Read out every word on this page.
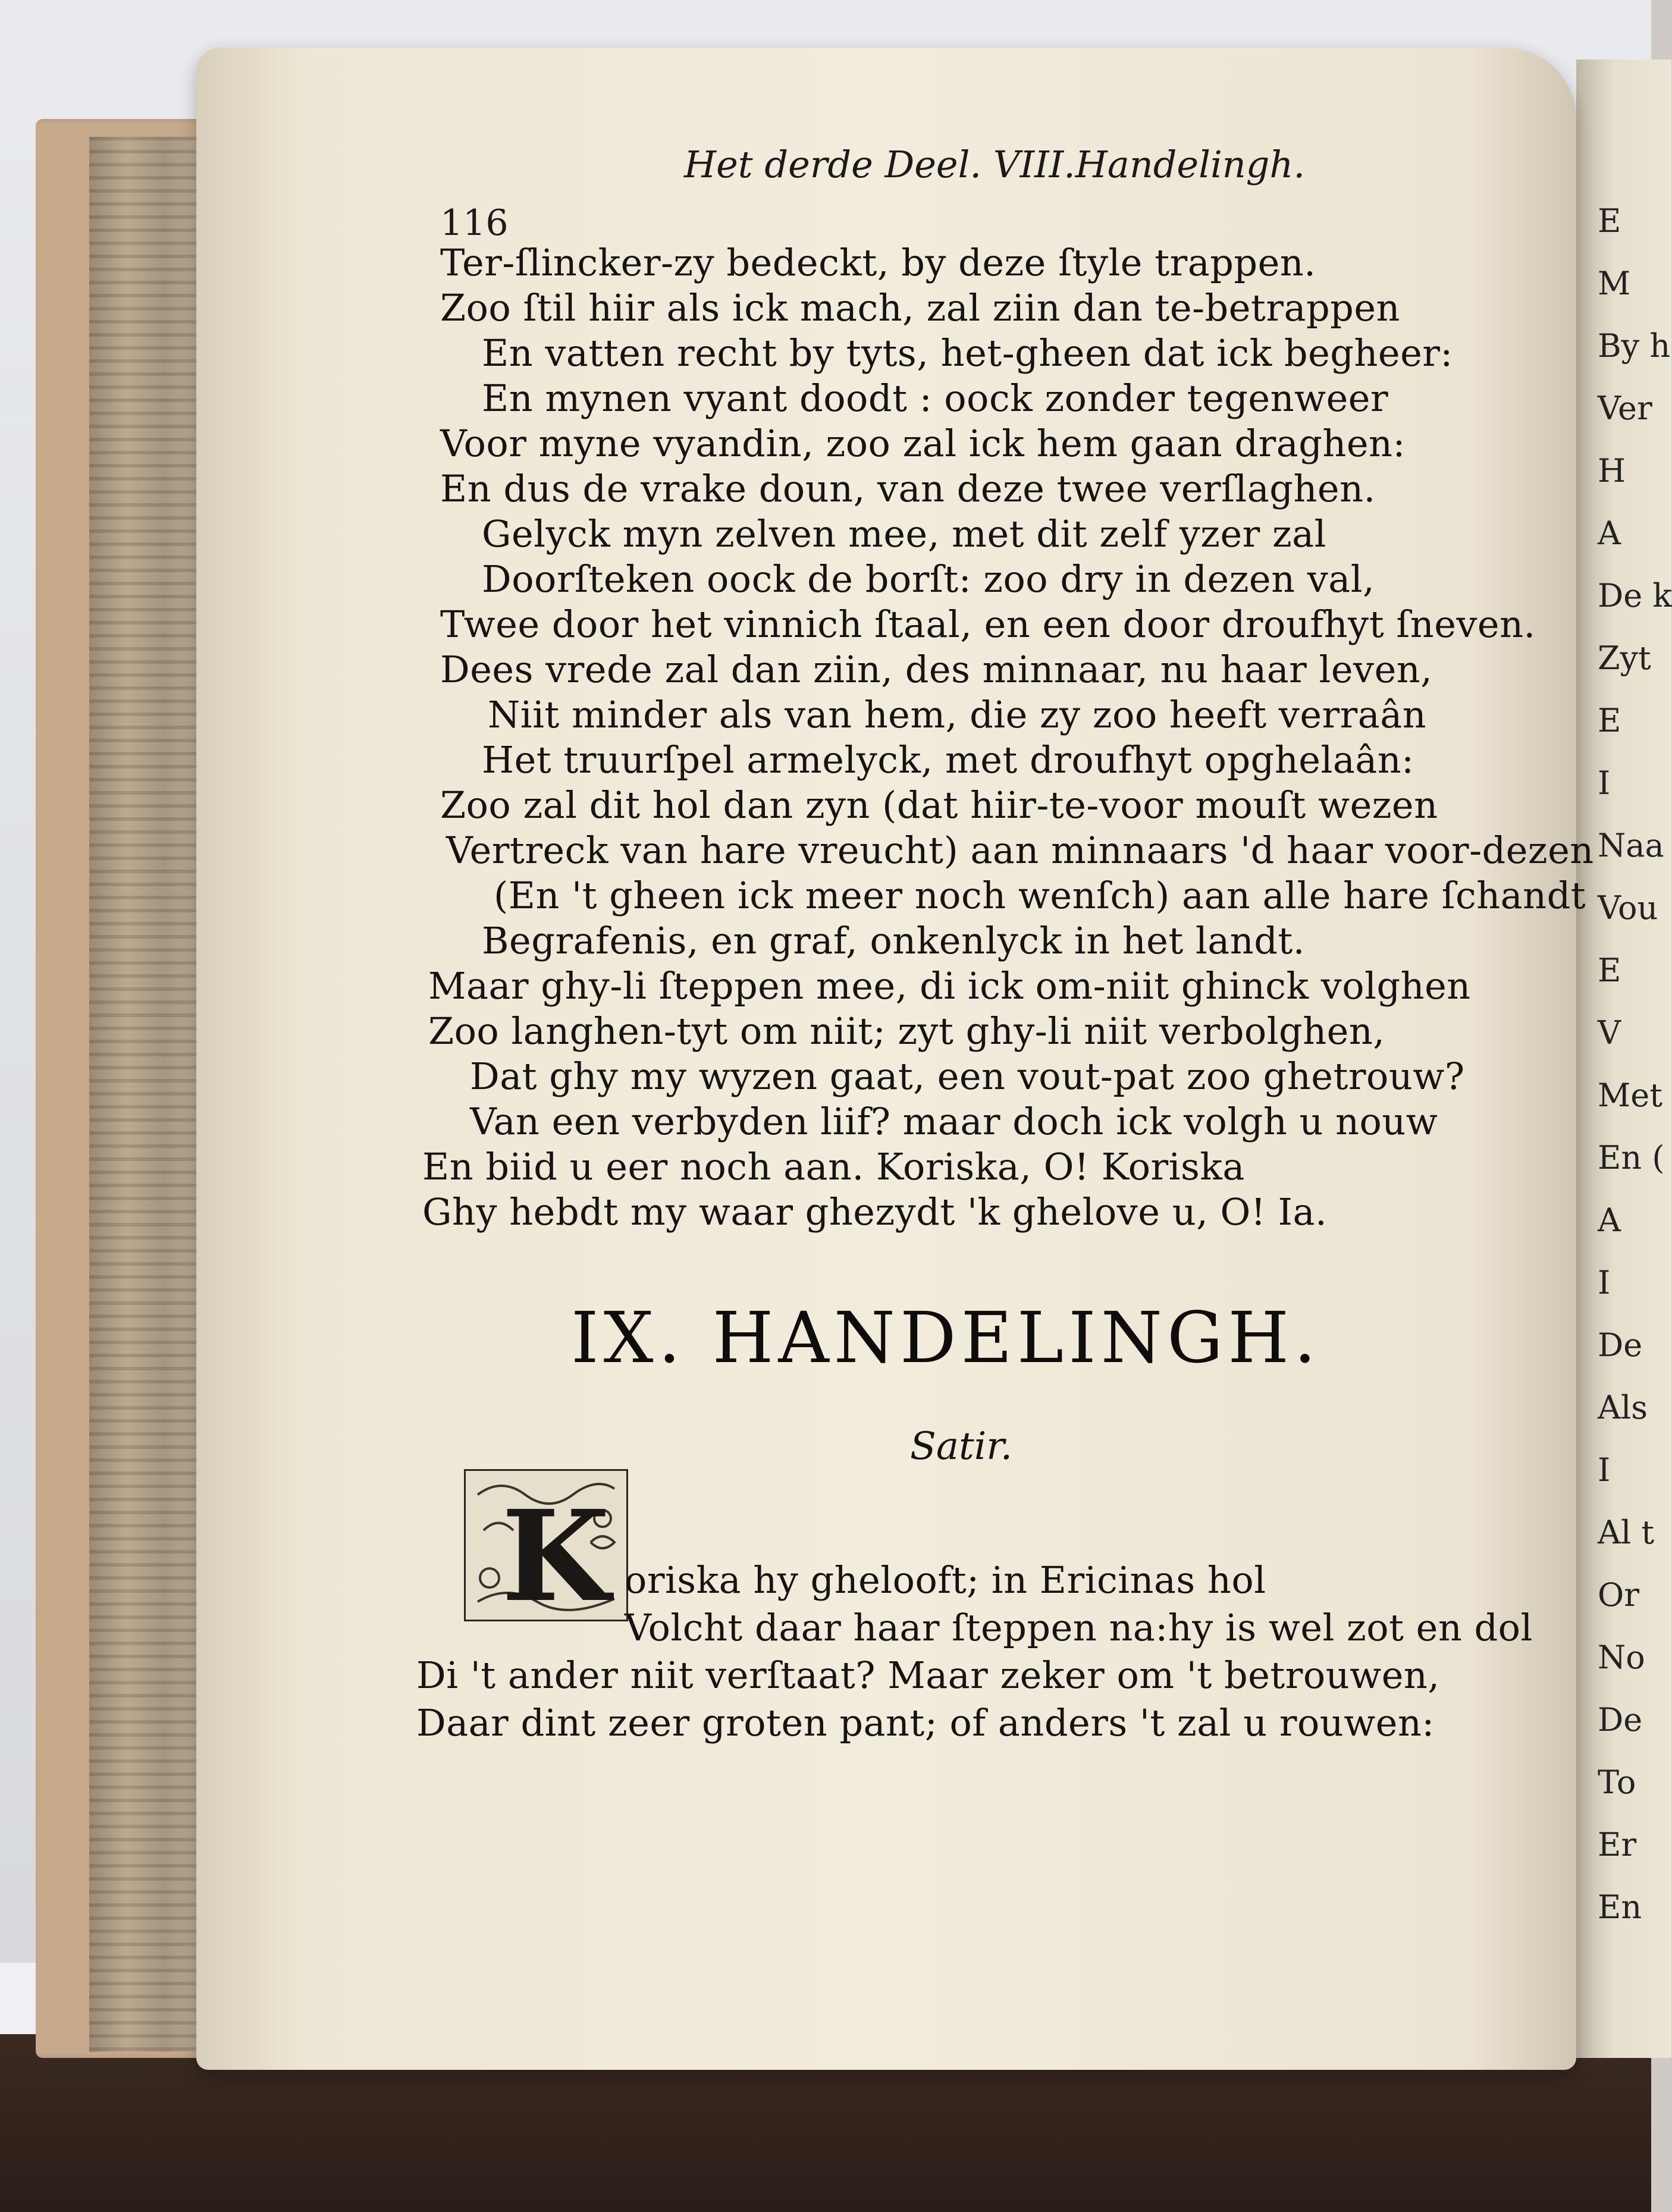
E
M
By h
Ver
H
A
De k
Zyt
E
I
Naa
Vou
E
V
Met
En (
A
I
De
Als
I
Al t
Or
No
De
To
Er
En
Het derde Deel. VIII.Handelingh.
116
Ter-ſlincker-zy bedeckt, by deze ſtyle trappen.
Zoo ſtil hiir als ick mach, zal ziin dan te-betrappen
En vatten recht by tyts, het-gheen dat ick begheer:
En mynen vyant doodt : oock zonder tegenweer
Voor myne vyandin, zoo zal ick hem gaan draghen:
En dus de vrake doun, van deze twee verſlaghen.
Gelyck myn zelven mee, met dit zelf yzer zal
Doorſteken oock de borſt: zoo dry in dezen val,
Twee door het vinnich ſtaal, en een door droufhyt ſneven.
Dees vrede zal dan ziin, des minnaar, nu haar leven,
Niit minder als van hem, die zy zoo heeft verraân
Het truurſpel armelyck, met droufhyt opghelaân:
Zoo zal dit hol dan zyn (dat hiir-te-voor mouſt wezen
Vertreck van hare vreucht) aan minnaars 'd haar voor-dezen
(En 't gheen ick meer noch wenſch) aan alle hare ſchandt
Begrafenis, en graf, onkenlyck in het landt.
Maar ghy-li ſteppen mee, di ick om-niit ghinck volghen
Zoo langhen-tyt om niit; zyt ghy-li niit verbolghen,
Dat ghy my wyzen gaat, een vout-pat zoo ghetrouw?
Van een verbyden liif? maar doch ick volgh u nouw
En biid u eer noch aan. Koriska, O! Koriska
Ghy hebdt my waar ghezydt 'k ghelove u, O! Ia.
IX. HANDELINGH.
Satir.
K oriska hy ghelooft; in Ericinas hol
Volcht daar haar ſteppen na:hy is wel zot en dol
Di 't ander niit verſtaat? Maar zeker om 't betrouwen,
Daar dint zeer groten pant; of anders 't zal u rouwen:
